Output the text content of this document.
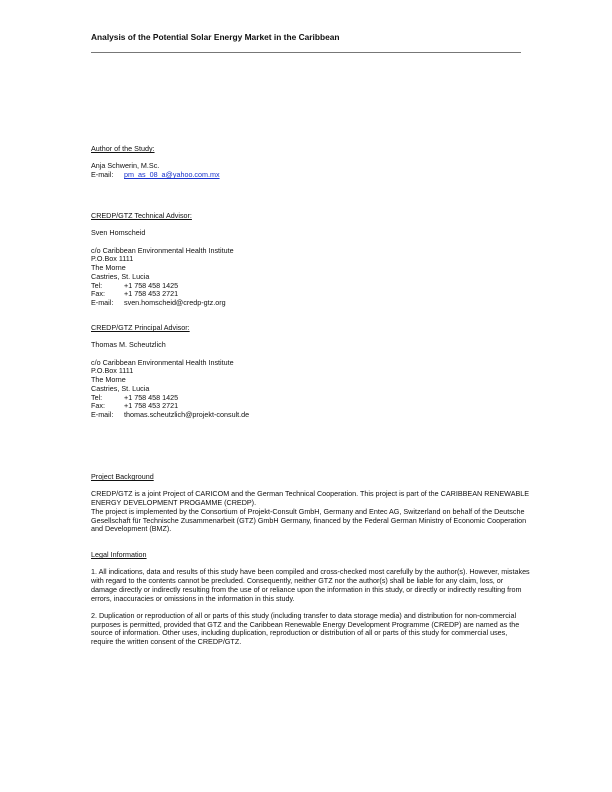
Analysis of the Potential Solar Energy Market in the Caribbean
Author of the Study:
Anja Schwerin, M.Sc.
E-mail: pm_as_08_a@yahoo.com.mx
CREDP/GTZ Technical Advisor:
Sven Homscheid
c/o Caribbean Environmental Health Institute
P.O.Box 1111
The Morne
Castries, St. Lucia
Tel:	+1 758 458 1425
Fax:	+1 758 453 2721
E-mail: sven.homscheid@credp-gtz.org
CREDP/GTZ Principal Advisor:
Thomas M. Scheutzlich
c/o Caribbean Environmental Health Institute
P.O.Box 1111
The Morne
Castries, St. Lucia
Tel:	+1 758 458 1425
Fax:	+1 758 453 2721
E-mail: thomas.scheutzlich@projekt-consult.de
Project Background

CREDP/GTZ is a joint Project of CARICOM and the German Technical Cooperation. This project is part of the CARIBBEAN RENEWABLE ENERGY DEVELOPMENT PROGAMME (CREDP).

The project is implemented by the Consortium of Projekt-Consult GmbH, Germany and Entec AG, Switzerland on behalf of the Deutsche Gesellschaft für Technische Zusammenarbeit (GTZ) GmbH Germany, financed by the Federal German Ministry of Economic Cooperation and Development (BMZ).

Legal Information

1. All indications, data and results of this study have been compiled and cross-checked most carefully by the author(s). However, mistakes with regard to the contents cannot be precluded. Consequently, neither GTZ nor the author(s) shall be liable for any claim, loss, or damage directly or indirectly resulting from the use of or reliance upon the information in this study, or directly or indirectly resulting from errors, inaccuracies or omissions in the information in this study.

2. Duplication or reproduction of all or parts of this study (including transfer to data storage media) and distribution for non-commercial purposes is permitted, provided that GTZ and the Caribbean Renewable Energy Development Programme (CREDP) are named as the source of information. Other uses, including duplication, reproduction or distribution of all or parts of this study for commercial uses, require the written consent of the CREDP/GTZ.
